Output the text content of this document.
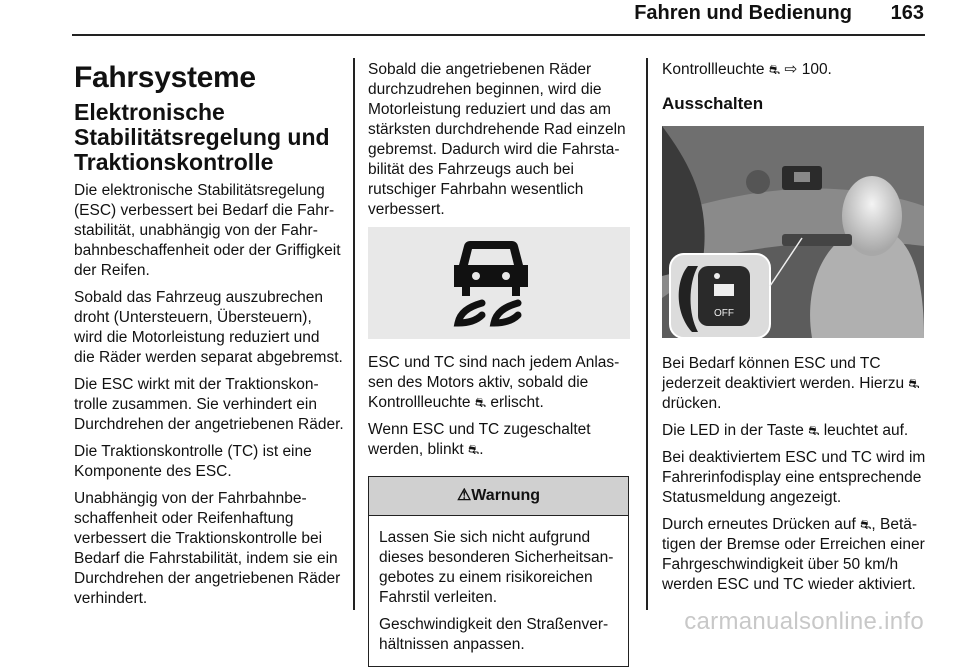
Fahren und Bedienung 163
Fahrsysteme
Elektronische Stabilitätsregelung und Traktionskontrolle

Die elektronische Stabilitätsregelung (ESC) verbessert bei Bedarf die Fahrstabilität, unabhängig von der Fahrbahnbeschaffenheit oder der Griffigkeit der Reifen.

Sobald das Fahrzeug auszubrechen droht (Untersteuern, Übersteuern), wird die Motorleistung reduziert und die Räder werden separat abgebremst.

Die ESC wirkt mit der Traktionskontrolle zusammen. Sie verhindert ein Durchdrehen der angetriebenen Räder.

Die Traktionskontrolle (TC) ist eine Komponente des ESC.

Unabhängig von der Fahrbahnbeschaffenheit oder Reifenhaftung verbessert die Traktionskontrolle bei Bedarf die Fahrstabilität, indem sie ein Durchdrehen der angetriebenen Räder verhindert.

Sobald die angetriebenen Räder durchzudrehen beginnen, wird die Motorleistung reduziert und das am stärksten durchdrehende Rad einzeln gebremst. Dadurch wird die Fahrstabilität des Fahrzeugs auch bei rutschiger Fahrbahn wesentlich verbessert.

ESC und TC sind nach jedem Anlassen des Motors aktiv, sobald die Kontrollleuchte ⛐ erlischt.

Wenn ESC und TC zugeschaltet werden, blinkt ⛐.

⚠Warnung

Lassen Sie sich nicht aufgrund dieses besonderen Sicherheitsangebotes zu einem risikoreichen Fahrstil verleiten.

Geschwindigkeit den Straßenverhältnissen anpassen.

Kontrollleuchte ⛐ ⇨ 100.

Ausschalten
OFF

Bei Bedarf können ESC und TC jederzeit deaktiviert werden. Hierzu ⛐ drücken.

Die LED in der Taste ⛐ leuchtet auf.

Bei deaktiviertem ESC und TC wird im Fahrerinfodisplay eine entsprechende Statusmeldung angezeigt.

Durch erneutes Drücken auf ⛐, Betätigen der Bremse oder Erreichen einer Fahrgeschwindigkeit über 50 km/h werden ESC und TC wieder aktiviert.

carmanualsonline.info
